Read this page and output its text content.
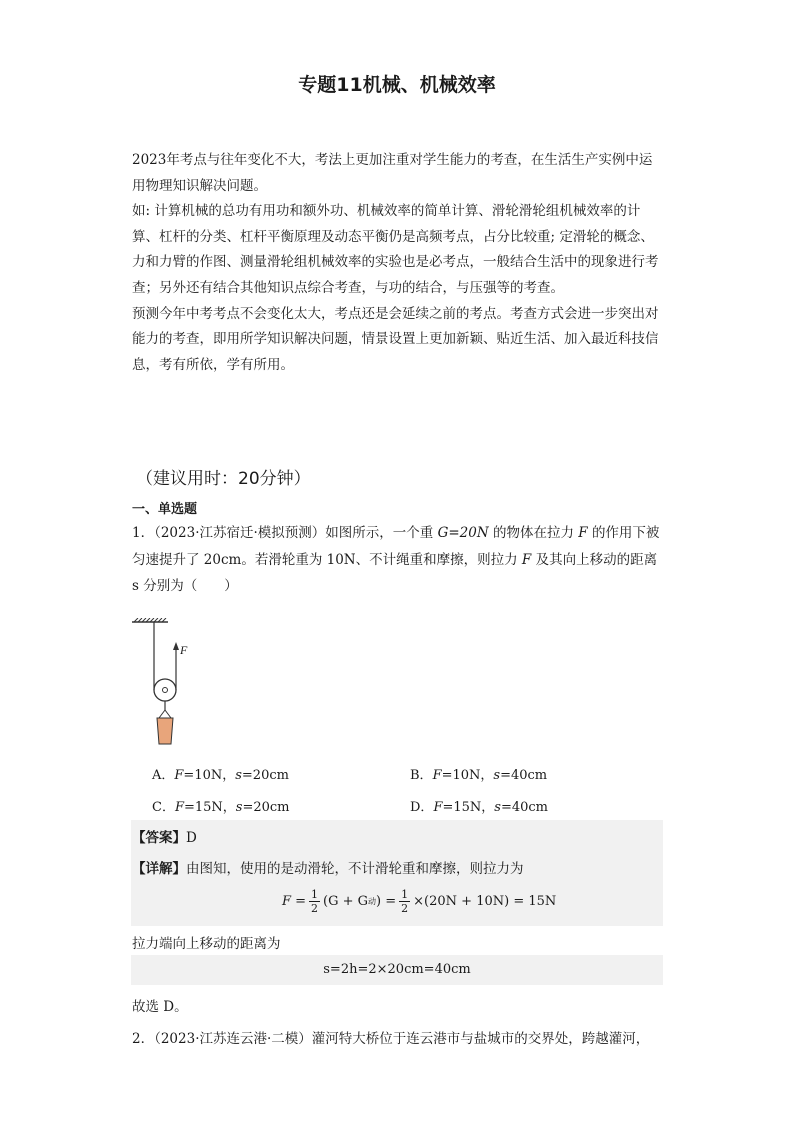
专题11机械、机械效率

2023年考点与往年变化不大，考法上更加注重对学生能力的考查，在生活生产实例中运用物理知识解决问题。

如: 计算机械的总功有用功和额外功、机械效率的简单计算、滑轮滑轮组机械效率的计算、杠杆的分类、杠杆平衡原理及动态平衡仍是高频考点，占分比较重; 定滑轮的概念、力和力臂的作图、测量滑轮组机械效率的实验也是必考点，一般结合生活中的现象进行考查；另外还有结合其他知识点综合考查，与功的结合，与压强等的考查。

预测今年中考考点不会变化太大，考点还是会延续之前的考点。考查方式会进一步突出对能力的考查，即用所学知识解决问题，情景设置上更加新颖、贴近生活、加入最近科技信息，考有所依，学有所用。

（建议用时：20分钟）
一、单选题
1．（2023·江苏宿迁·模拟预测）如图所示，一个重 G=20N 的物体在拉力 F 的作用下被匀速提升了 20cm。若滑轮重为 10N、不计绳重和摩擦，则拉力 F 及其向上移动的距离 s 分别为（　　）
F
A．F=10N，s=20cm	B．F=10N，s=40cm
C．F=15N，s=20cm	D．F=15N，s=40cm
【答案】D
【详解】由图知，使用的是动滑轮，不计滑轮重和摩擦，则拉力为
$F = \frac{1}{2} (G + G$ 动 ) = $\frac{1}{2} \times(20N + 10N) = 15N$
拉力端向上移动的距离为
s=2h=2×20cm=40cm
故选 D。
2．（2023·江苏连云港·二模）灌河特大桥位于连云港市与盐城市的交界处，跨越灌河，
